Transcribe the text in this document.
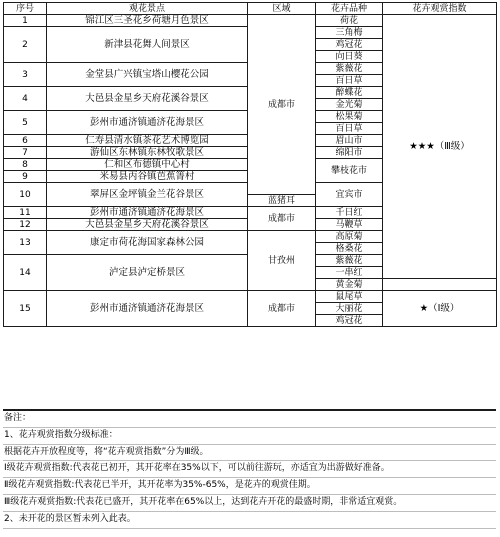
序号	观花景点	区域	花卉品种	花卉观赏指数	
1	锦江区三圣花乡荷塘月色景区	成都市	荷花	★★★（Ⅲ级）	
2	新津县花舞人间景区		三角梅		
			鸡冠花		
			向日葵		
3	金堂县广兴镇宝塔山樱花公园		紫薇花		
			百日草		
4	大邑县金星乡天府花溪谷景区		醉蝶花		
			金光菊		
5	彭州市通济镇通济花海景区		松果菊		
			百日草		
6	仁寿县清水镇茶花艺术博览园		眉山市	
7	游仙区东林镇东林牧歌景区		绵阳市	
8	仁和区布德镇中心村		攀枝花市	
9	米易县丙谷镇芭蕉箐村				
10	翠屏区金坪镇金兰花谷景区		宜宾市	
		蓝猪耳			
11	彭州市通济镇通济花海景区	成都市	千日红		
12	大邑县金星乡天府花溪谷景区		马鞭草		
13	康定市荷花海国家森林公园	甘孜州	高原菊	

			格桑花		
14	泸定县泸定桥景区		紫薇花		
			一串红		
			黄金菊		
15	彭州市通济镇通济花海景区	成都市	鼠尾草	★（Ⅰ级）	
			大丽花		
			鸡冠花		
备注：
1、花卉观赏指数分级标准：
根据花卉开放程度等，将“花卉观赏指数”分为Ⅲ级。
Ⅰ级花卉观赏指数:代表花已初开，其开花率在35%以下，可以前往游玩，亦适宜为出游做好准备。
Ⅱ级花卉观赏指数:代表花已半开，其开花率为35%-65%，是花卉的观赏佳期。
Ⅲ级花卉观赏指数:代表花已盛开，其开花率在65%以上，达到花卉开花的最盛时期，非常适宜观赏。
2、未开花的景区暂未列入此表。
